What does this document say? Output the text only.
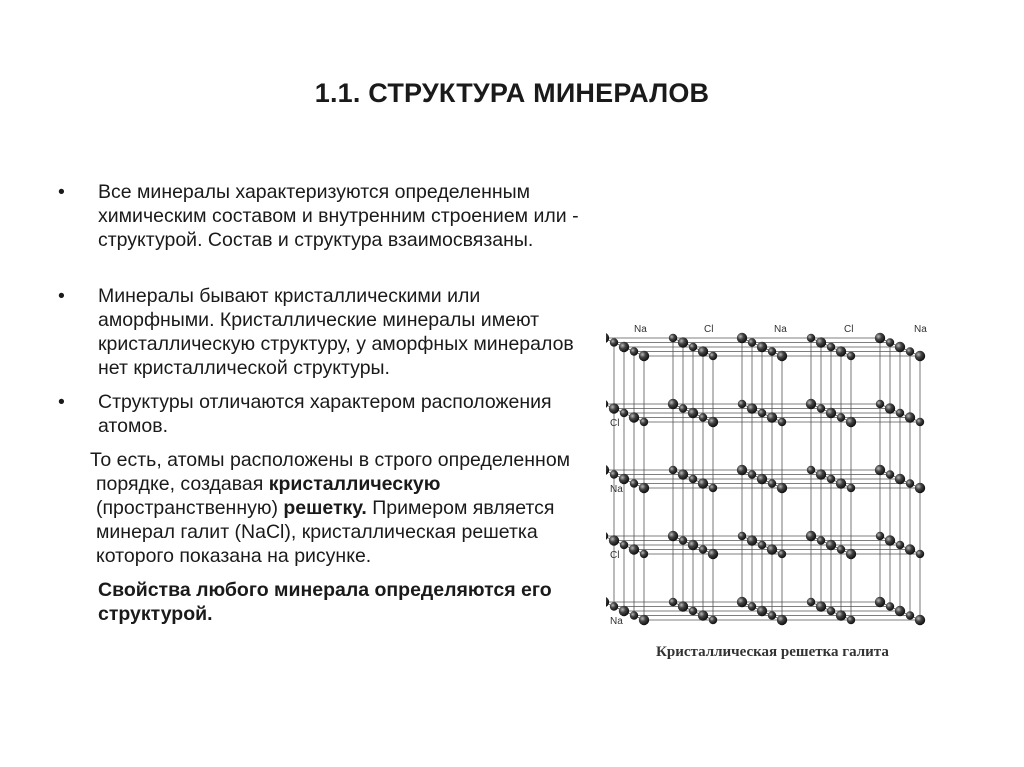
1.1. СТРУКТУРА МИНЕРАЛОВ
• Все минералы характеризуются определенным химическим составом и внутренним строением или - структурой. Состав и структура взаимосвязаны.
• Минералы бывают кристаллическими или аморфными. Кристаллические минералы имеют кристаллическую структуру, у аморфных минералов нет кристаллической структуры.
• Структуры отличаются характером расположения атомов.
То есть, атомы расположены в строго определенном порядке, создавая кристаллическую (пространственную) решетку. Примером является минерал галит (NaCl), кристаллическая решетка которого показана на рисунке.
Свойства любого минерала определяются его структурой.
Na	Cl	Na	Cl	Na
Cl
Na
Cl
Na
Кристаллическая решетка галита
